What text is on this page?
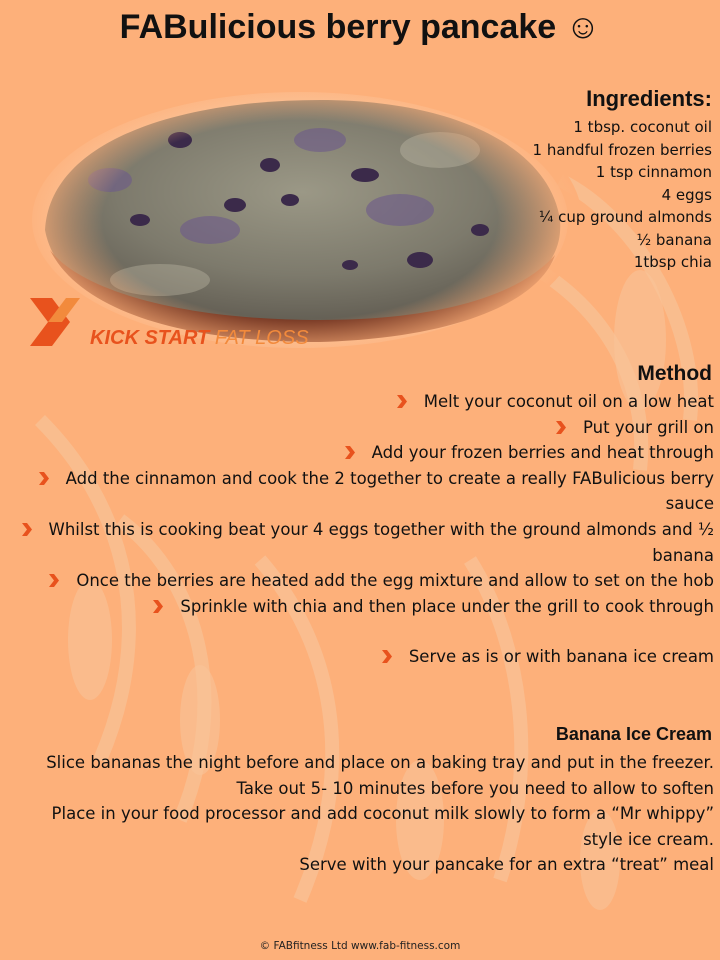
FABulicious berry pancake ☺
KICK START FAT LOSS
Ingredients:
1 tbsp. coconut oil
1 handful frozen berries
1 tsp cinnamon
4 eggs
¼ cup ground almonds
½ banana
1tbsp chia
Method
Melt your coconut oil on a low heat
Put your grill on
Add your frozen berries and heat through
Add the cinnamon and cook the 2 together to create a really FABulicious berry sauce
Whilst this is cooking beat your 4 eggs together with the ground almonds and ½ banana
Once the berries are heated add the egg mixture and allow to set on the hob
Sprinkle with chia and then place under the grill to cook through
Serve as is or with banana ice cream
Banana Ice Cream
Slice bananas the night before and place on a baking tray and put in the freezer.
Take out 5- 10 minutes before you need to allow to soften
Place in your food processor and add coconut milk slowly to form a “Mr whippy”
style ice cream.
Serve with your pancake for an extra “treat” meal
© FABfitness Ltd www.fab-fitness.com
